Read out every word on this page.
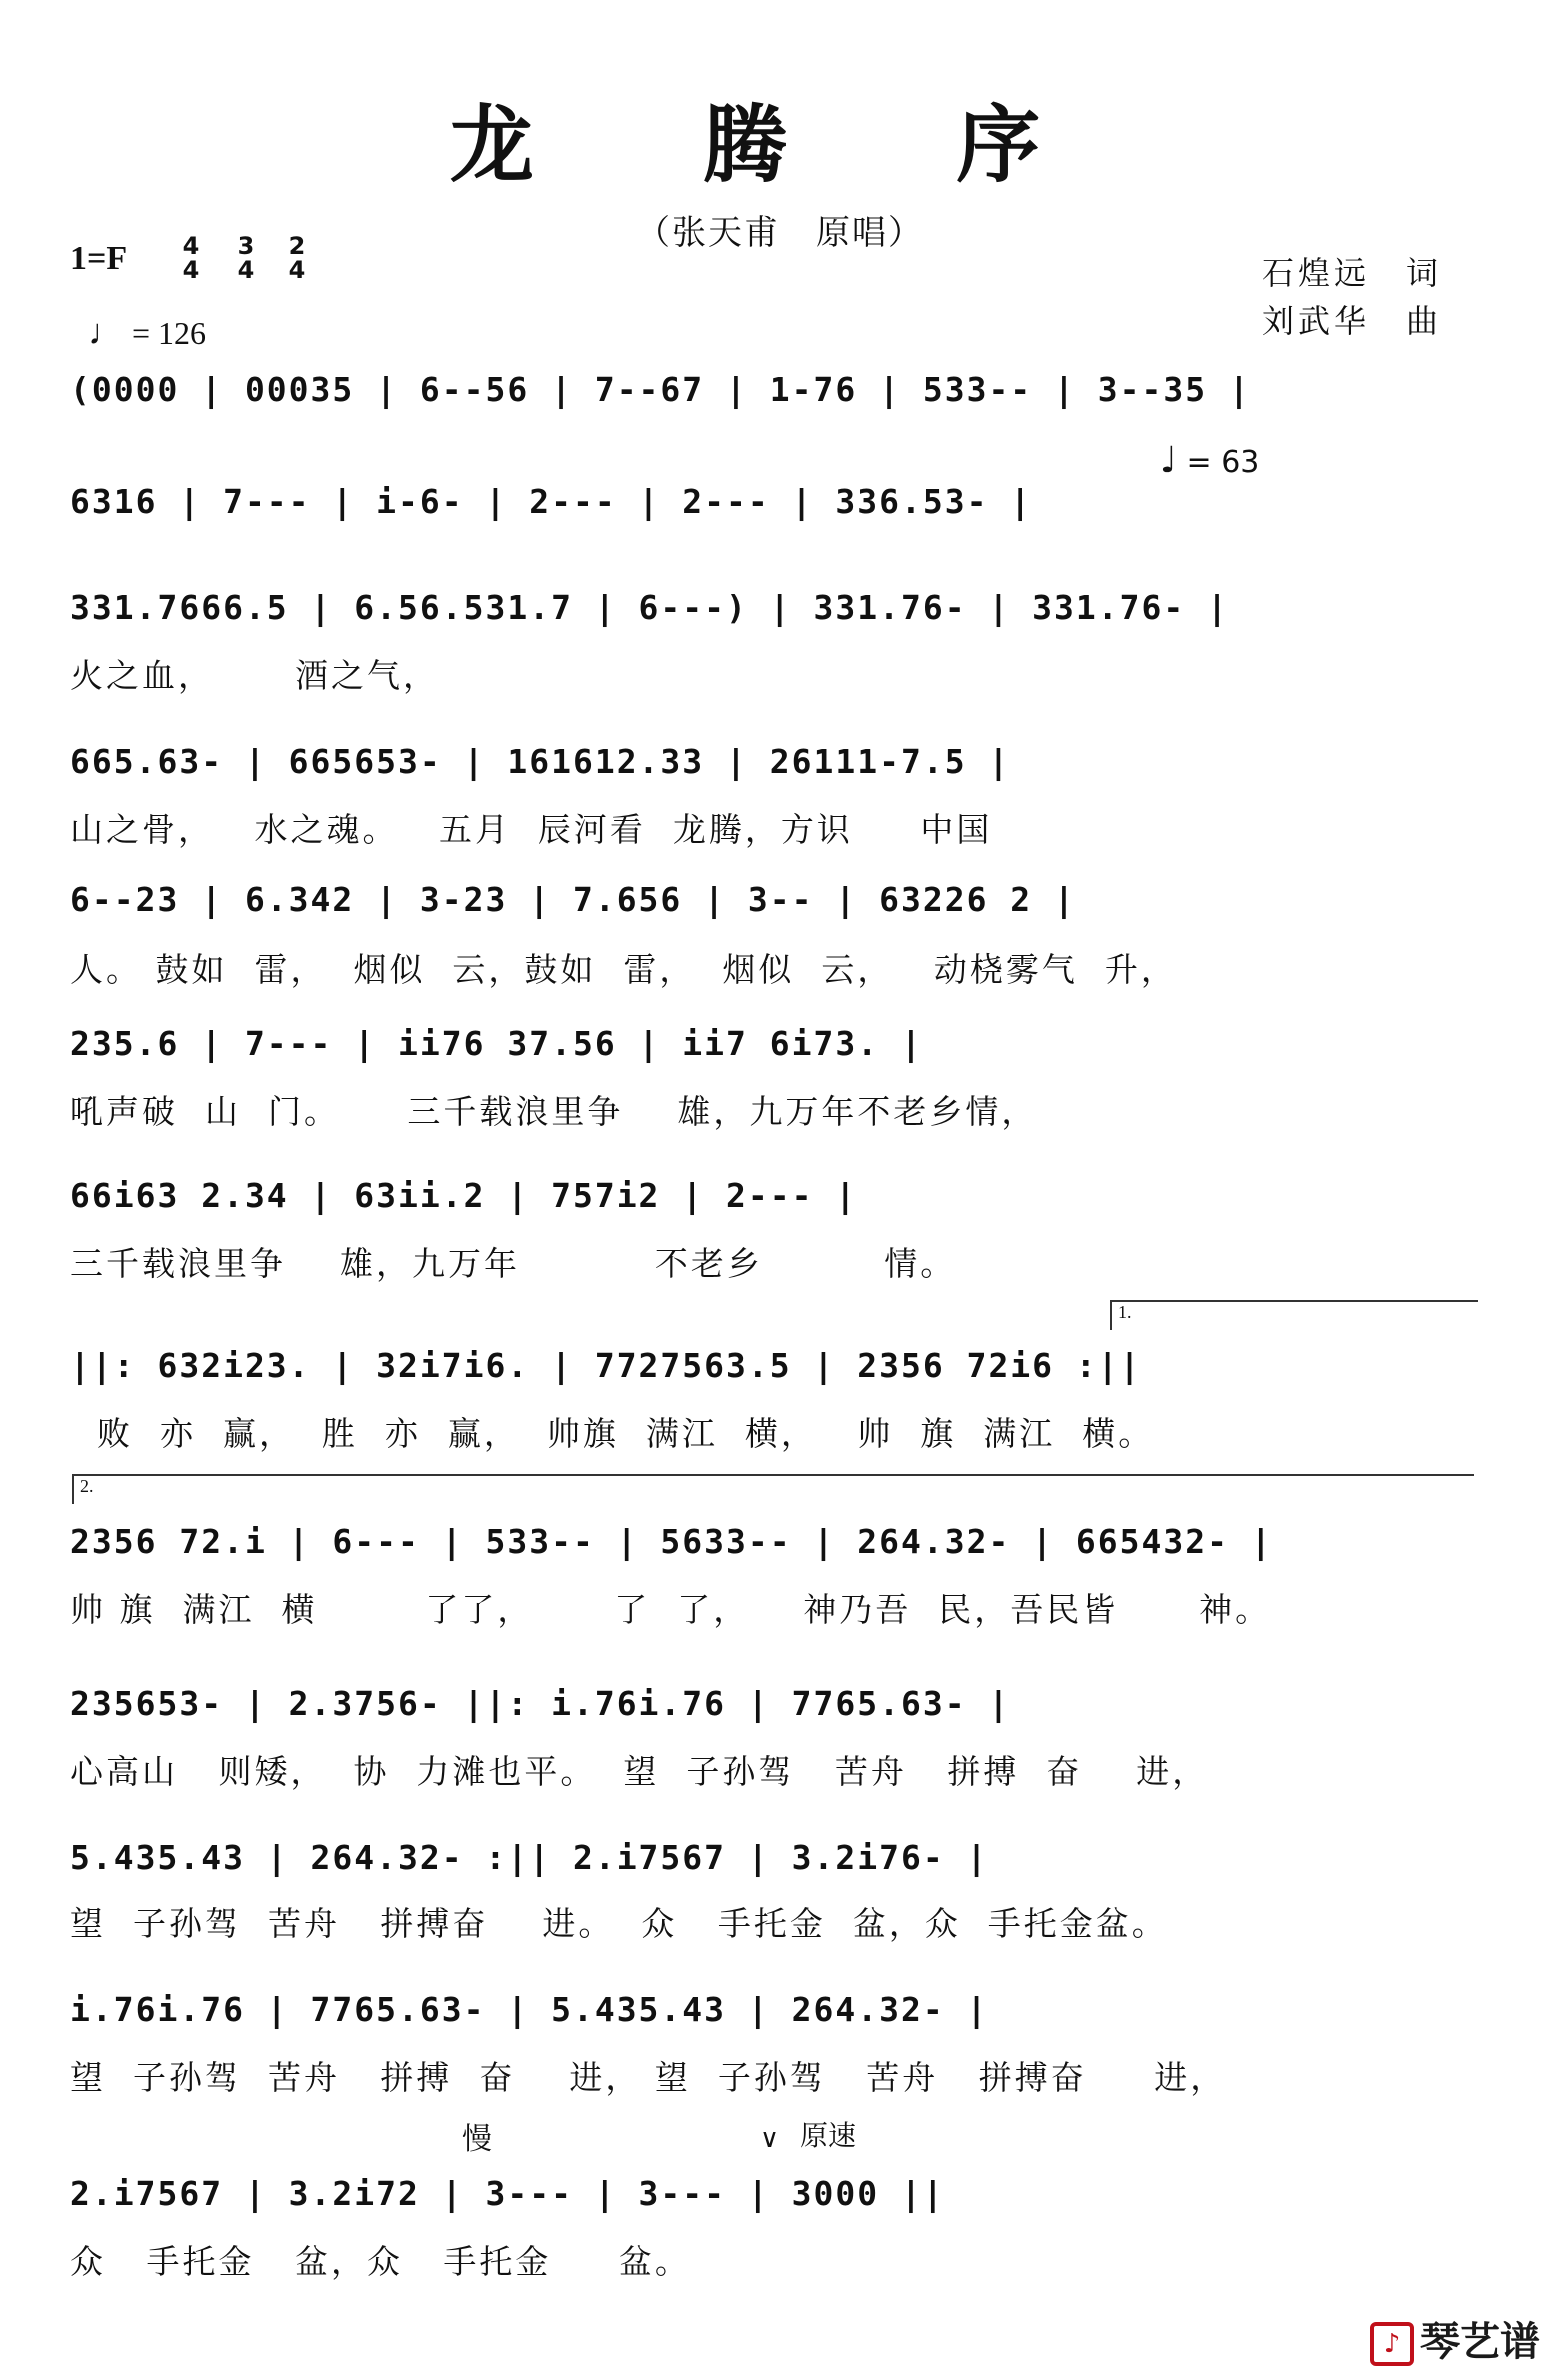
龙 腾 序
（张天甫　原唱）
1=F 4
4
3
4
2
4
♩ = 126
石煌远　词
刘武华　曲
♩ = 63
(0000 | 00035 | 6--56 | 7--67 | 1-76 | 533-- | 3--35 |
6316 | 7--- | i-6- | 2--- | 2--- | 336.53- |
331.7666.5 | 6.56.531.7 | 6---) | 331.76- | 331.76- |
火之血，      酒之气，
665.63- | 665653- | 161612.33 | 26111-7.5 |
山之骨，   水之魂。   五月  辰河看  龙腾，方识     中国
6--23 | 6.342 | 3-23 | 7.656 | 3-- | 63226 2 |
人。 鼓如  雷，  烟似  云，鼓如  雷，  烟似  云，   动桡雾气  升，
235.6 | 7--- | ii76 37.56 | ii7 6i73. |
吼声破  山  门。     三千载浪里争    雄，九万年不老乡情，
66i63 2.34 | 63ii.2 | 757i2 | 2--- |
三千载浪里争    雄，九万年          不老乡         情。
1.
||: 632i23. | 32i7i6. | 7727563.5 | 2356 72i6 :||
败  亦  赢，  胜  亦  赢，  帅旗  满江  横，   帅  旗  满江  横。
2.
2356 72.i | 6--- | 533-- | 5633-- | 264.32- | 665432- |
帅 旗  满江  横        了了，      了  了，    神乃吾  民，吾民皆      神。
235653- | 2.3756- ||: i.76i.76 | 7765.63- |
心高山   则矮，  协  力滩也平。  望  子孙驾   苦舟   拼搏  奋    进，
5.435.43 | 264.32- :|| 2.i7567 | 3.2i76- |
望  子孙驾  苦舟   拼搏奋    进。  众   手托金  盆，众  手托金盆。
i.76i.76 | 7765.63- | 5.435.43 | 264.32- |
望  子孙驾  苦舟   拼搏  奋    进， 望  子孙驾   苦舟   拼搏奋     进，
慢	∨ 原速
2.i7567 | 3.2i72 | 3--- | 3--- | 3000 ||
众   手托金   盆，众   手托金     盆。
♪ 琴艺谱
